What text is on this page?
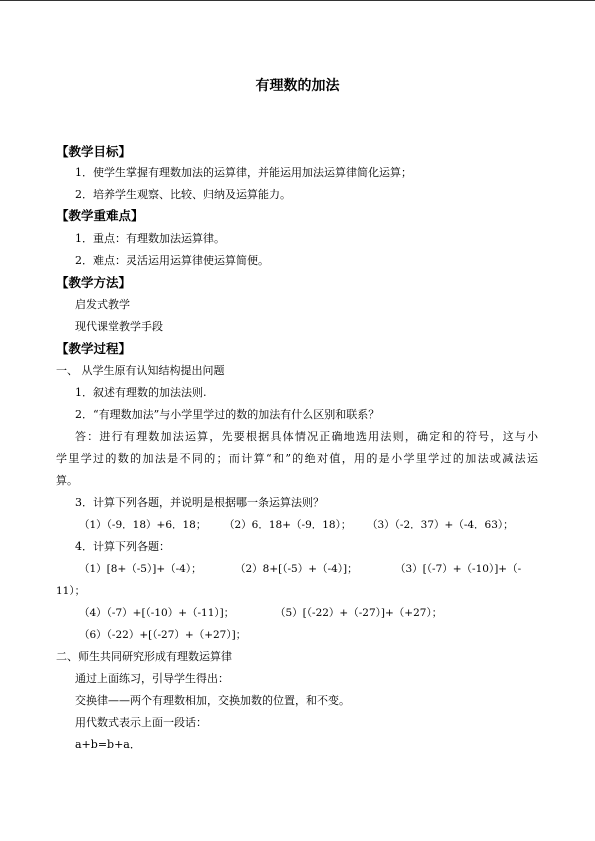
有理数的加法
【教学目标】
1．使学生掌握有理数加法的运算律，并能运用加法运算律简化运算；
2．培养学生观察、比较、归纳及运算能力。
【教学重难点】
1．重点：有理数加法运算律。
2．难点：灵活运用运算律使运算简便。
【教学方法】
启发式教学
现代课堂教学手段
【教学过程】
一、 从学生原有认知结构提出问题
1．叙述有理数的加法法则.
2．“有理数加法”与小学里学过的数的加法有什么区别和联系？
答：进行有理数加法运算，先要根据具体情况正确地选用法则，确定和的符号，这与小
学里学过的数的加法是不同的；而计算“和”的绝对值，用的是小学里学过的加法或减法运
算。
3．计算下列各题，并说明是根据哪一条运算法则？
（1）（-9．18）+6．18； （2）6．18+（-9．18）； （3）（-2．37）+（-4．63）；
4．计算下列各题：
（1）[8+（-5）]+（-4）；	（2）8+[（-5）+（-4）]；	（3）[（-7）+（-10）]+（-
11）；
（4）（-7）+[（-10）+（-11）]；	（5）[（-22）+（-27）]+（+27）；
（6）（-22）+[（-27）+（+27）]；
二、师生共同研究形成有理数运算律
通过上面练习，引导学生得出：
交换律——两个有理数相加，交换加数的位置，和不变。
用代数式表示上面一段话：
a+b=b+a．
